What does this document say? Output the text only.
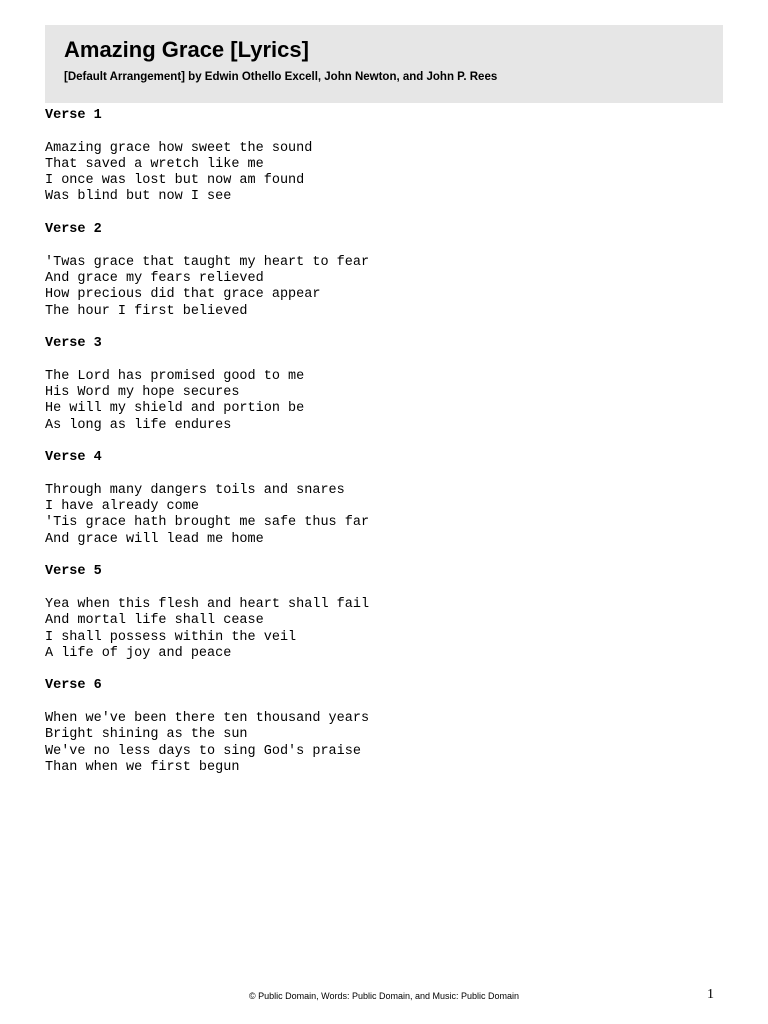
Amazing Grace [Lyrics]

[Default Arrangement] by Edwin Othello Excell, John Newton, and John P. Rees

Verse 1
Amazing grace how sweet the sound
That saved a wretch like me
I once was lost but now am found
Was blind but now I see
Verse 2
'Twas grace that taught my heart to fear
And grace my fears relieved
How precious did that grace appear
The hour I first believed
Verse 3
The Lord has promised good to me
His Word my hope secures
He will my shield and portion be
As long as life endures
Verse 4
Through many dangers toils and snares
I have already come
'Tis grace hath brought me safe thus far
And grace will lead me home
Verse 5
Yea when this flesh and heart shall fail
And mortal life shall cease
I shall possess within the veil
A life of joy and peace
Verse 6
When we've been there ten thousand years
Bright shining as the sun
We've no less days to sing God's praise
Than when we first begun
© Public Domain, Words: Public Domain, and Music: Public Domain	1
